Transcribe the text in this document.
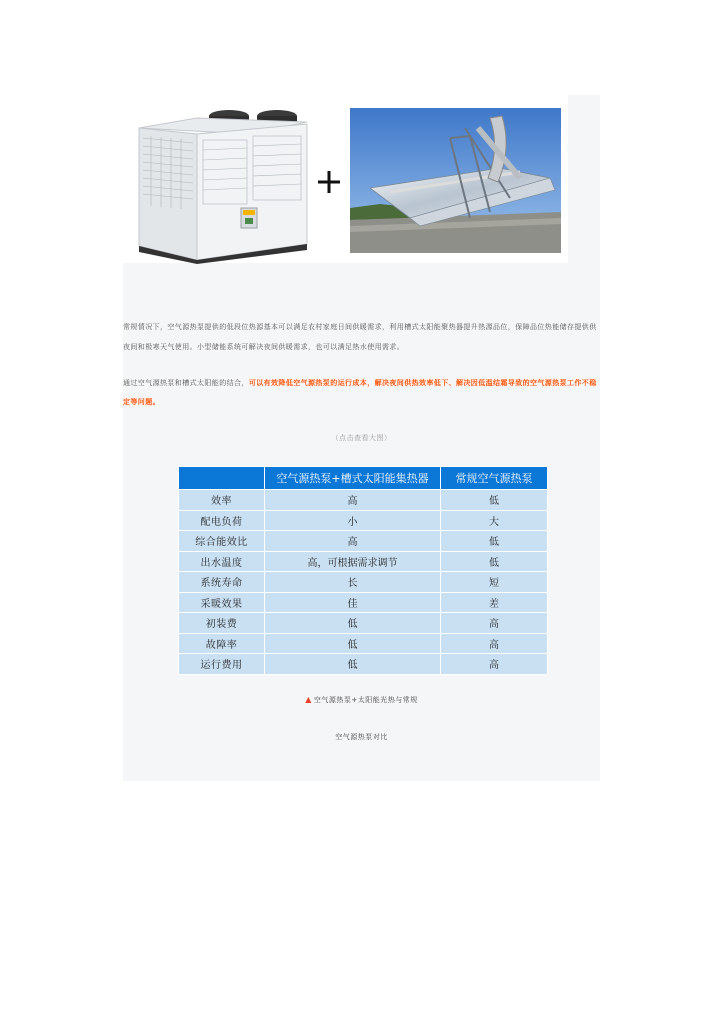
常规情况下，空气源热泵提供的低段位热源基本可以满足农村家庭日间供暖需求，利用槽式太阳能聚热器提升热源品位，保障品位热能储存提供供
夜间和极寒天气使用。小型储能系统可解决夜间供暖需求，也可以满足热水使用需求。
通过空气源热泵和槽式太阳能的结合，可以有效降低空气源热泵的运行成本，解决夜间供热效率低下、解决因低温结霜导致的空气源热泵工作不稳
定等问题。
（点击查看大图）
	空气源热泵+槽式太阳能集热器	常规空气源热泵
效率	高	低
配电负荷	小	大
综合能效比	高	低
出水温度	高，可根据需求调节	低
系统寿命	长	短
采暖效果	佳	差
初装费	低	高
故障率	低	高
运行费用	低	高
▲ 空气源热泵+太阳能光热与常规
空气源热泵对比
